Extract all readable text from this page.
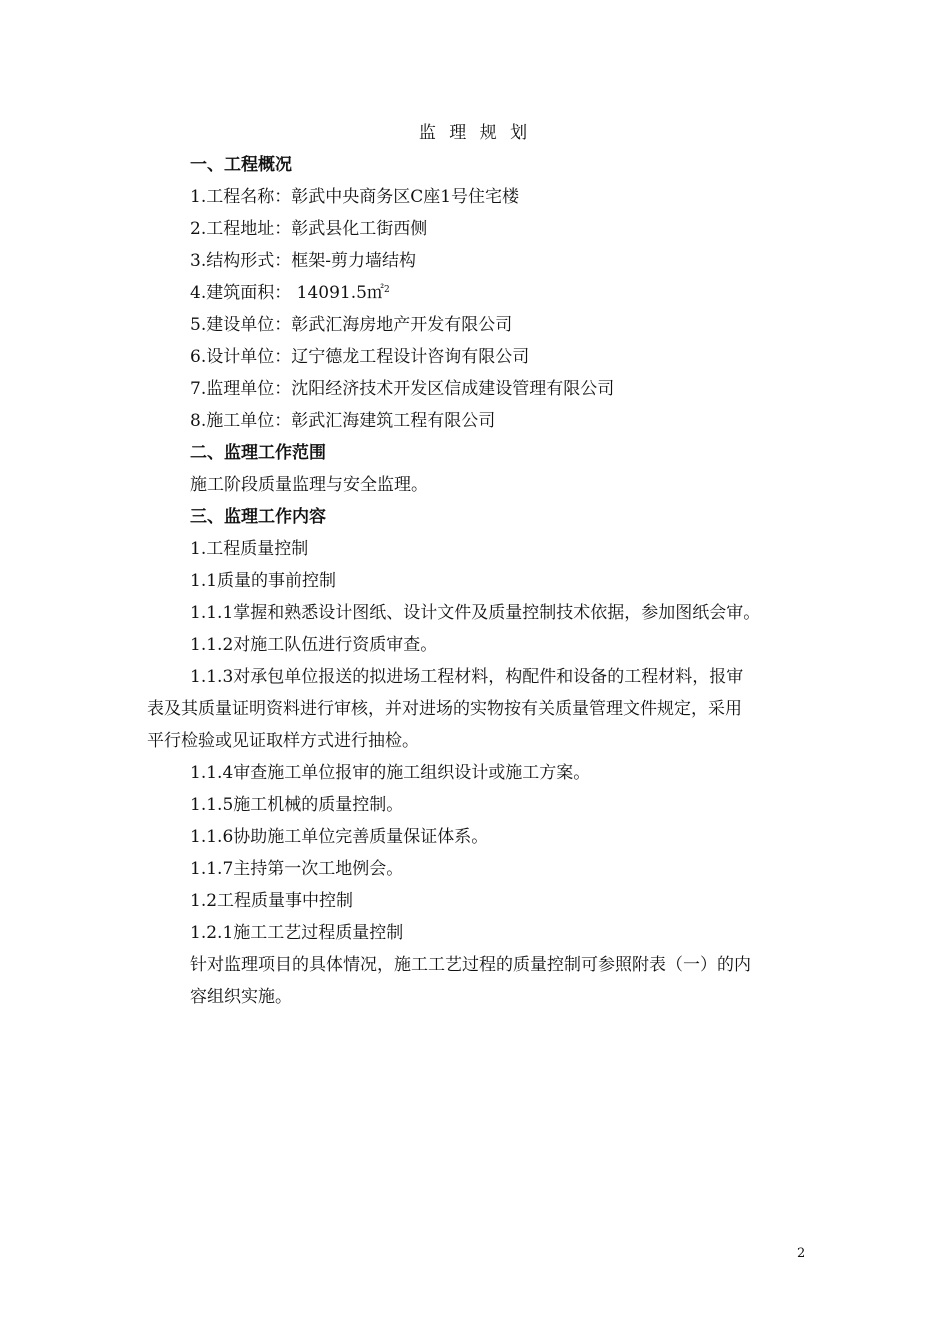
监 理 规 划
一、工程概况
1.工程名称：彰武中央商务区C座1号住宅楼
2.工程地址：彰武县化工街西侧
3.结构形式：框架-剪力墙结构
4.建筑面积： 14091.5㎡$^2$
5.建设单位：彰武汇海房地产开发有限公司
6.设计单位：辽宁德龙工程设计咨询有限公司
7.监理单位：沈阳经济技术开发区信成建设管理有限公司
8.施工单位：彰武汇海建筑工程有限公司
二、监理工作范围
施工阶段质量监理与安全监理。
三、监理工作内容
1.工程质量控制
1.1质量的事前控制
1.1.1掌握和熟悉设计图纸、设计文件及质量控制技术依据，参加图纸会审。
1.1.2对施工队伍进行资质审查。
1.1.3对承包单位报送的拟进场工程材料，构配件和设备的工程材料，报审
表及其质量证明资料进行审核，并对进场的实物按有关质量管理文件规定，采用
平行检验或见证取样方式进行抽检。
1.1.4审查施工单位报审的施工组织设计或施工方案。
1.1.5施工机械的质量控制。
1.1.6协助施工单位完善质量保证体系。
1.1.7主持第一次工地例会。
1.2工程质量事中控制
1.2.1施工工艺过程质量控制
针对监理项目的具体情况，施工工艺过程的质量控制可参照附表（一）的内
容组织实施。
2
